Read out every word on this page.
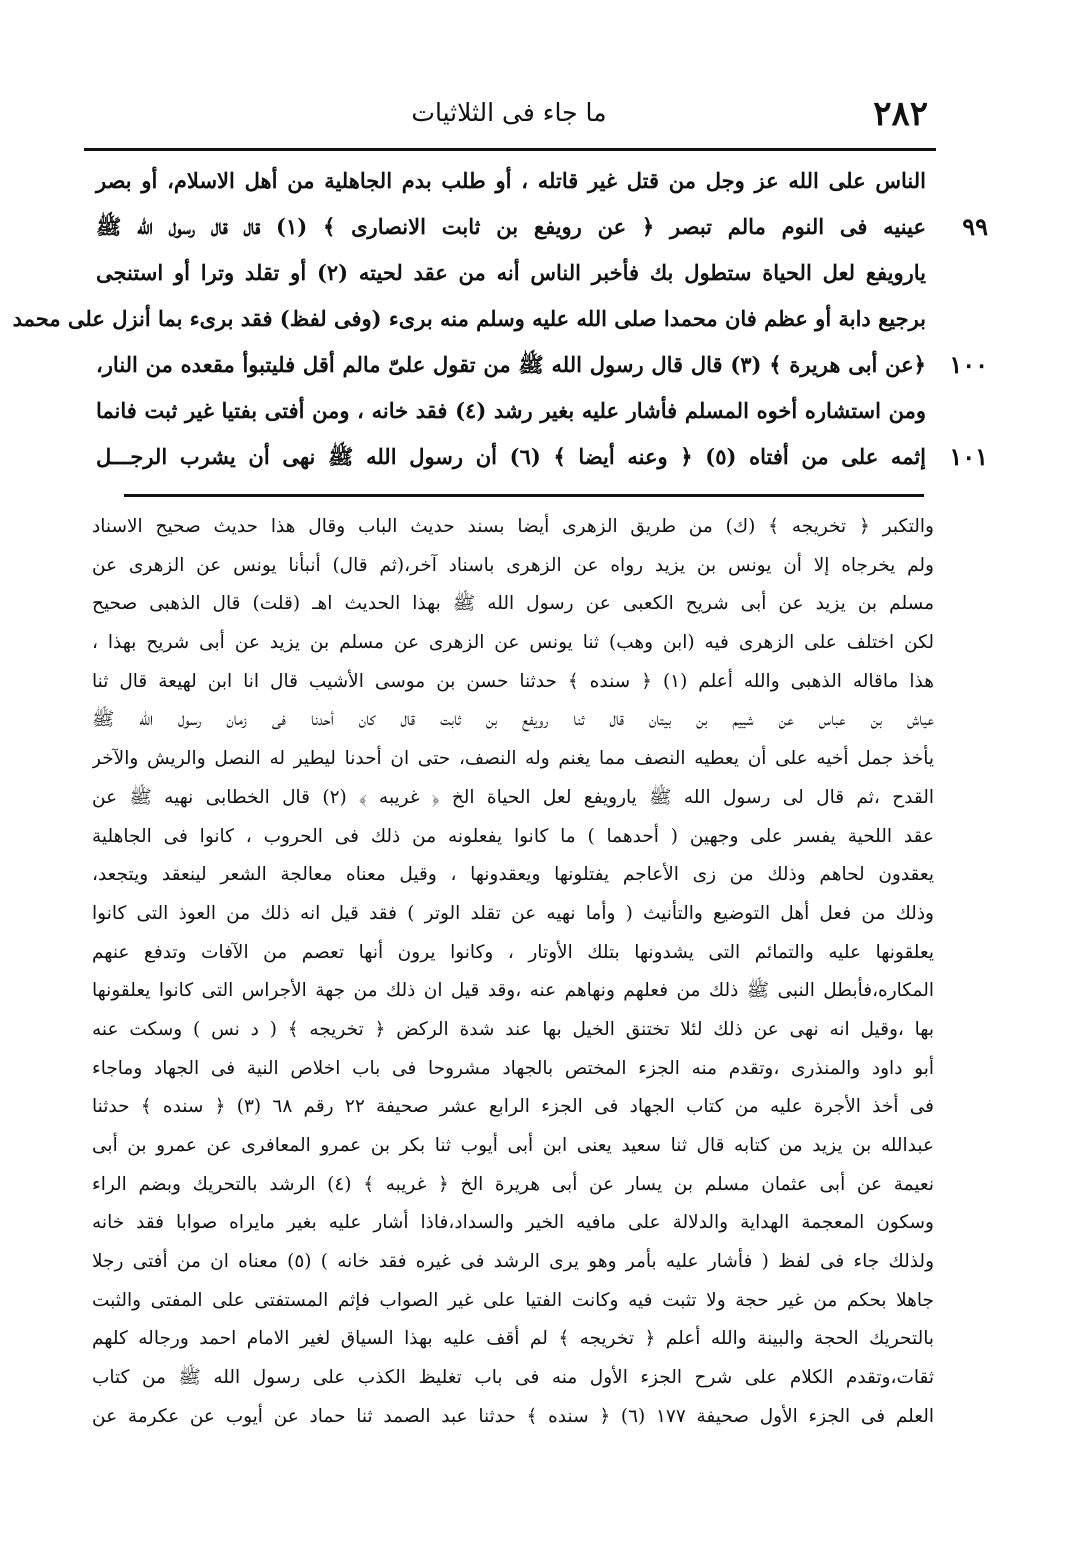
٢٨٢
ما جاء فى الثلاثيات
الناس على الله عز وجل من قتل غير قاتله ، أو طلب بدم الجاهلية من أهل الاسلام، أو بصر
٩٩
عينيه فى النوم مالم تبصر ﴿ عن رويفع بن ثابت الانصارى ﴾ (١) قال قال رسول الله ﷺ
يارويفع لعل الحياة ستطول بك فأخبر الناس أنه من عقد لحيته (٢) أو تقلد وترا أو استنجى
برجيع دابة أو عظم فان محمدا صلى الله عليه وسلم منه برىء (وفى لفظ) فقد برىء بما أنزل على محمد
١٠٠
﴿عن أبى هريرة ﴾ (٣) قال قال رسول الله ﷺ من تقول علىّ مالم أقل فليتبوأ مقعده من النار،
ومن استشاره أخوه المسلم فأشار عليه بغير رشد (٤) فقد خانه ، ومن أفتى بفتيا غير ثبت فانما
١٠١
إثمه على من أفتاه (٥) ﴿ وعنه أيضا ﴾ (٦) أن رسول الله ﷺ نهى أن يشرب الرجـــل
والتكبر ﴿ تخريجه ﴾ (ك) من طريق الزهرى أيضا بسند حديث الباب وقال هذا حديث صحيح الاسناد
ولم يخرجاه إلا أن يونس بن يزيد رواه عن الزهرى باسناد آخر،(ثم قال) أنبأنا يونس عن الزهرى عن
مسلم بن يزيد عن أبى شريح الكعبى عن رسول الله ﷺ بهذا الحديث اهـ (قلت) قال الذهبى صحيح
لكن اختلف على الزهرى فيه (ابن وهب) ثنا يونس عن الزهرى عن مسلم بن يزيد عن أبى شريح بهذا ،
هذا ماقاله الذهبى والله أعلم (١) ﴿ سنده ﴾ حدثنا حسن بن موسى الأشيب قال انا ابن لهيعة قال ثنا
عياش بن عباس عن شييم بن بيتان قال ثنا رويفع بن ثابت قال كان أحدنا فى زمان رسول الله ﷺ
يأخذ جمل أخيه على أن يعطيه النصف مما يغنم وله النصف، حتى ان أحدنا ليطير له النصل والريش والآخر
القدح ،ثم قال لى رسول الله ﷺ يارويفع لعل الحياة الخ ﴿ غريبه ﴾ (٢) قال الخطابى نهيه ﷺ عن
عقد اللحية يفسر على وجهين ( أحدهما ) ما كانوا يفعلونه من ذلك فى الحروب ، كانوا فى الجاهلية
يعقدون لحاهم وذلك من زى الأعاجم يفتلونها ويعقدونها ، وقيل معناه معالجة الشعر لينعقد ويتجعد،
وذلك من فعل أهل التوضيع والتأنيث ( وأما نهيه عن تقلد الوتر ) فقد قيل انه ذلك من العوذ التى كانوا
يعلقونها عليه والتمائم التى يشدونها بتلك الأوتار ، وكانوا يرون أنها تعصم من الآفات وتدفع عنهم
المكاره،فأبطل النبى ﷺ ذلك من فعلهم ونهاهم عنه ،وقد قيل ان ذلك من جهة الأجراس التى كانوا يعلقونها
بها ،وقيل انه نهى عن ذلك لئلا تختنق الخيل بها عند شدة الركض ﴿ تخريجه ﴾ ( د نس ) وسكت عنه
أبو داود والمنذرى ،وتقدم منه الجزء المختص بالجهاد مشروحا فى باب اخلاص النية فى الجهاد وماجاء
فى أخذ الأجرة عليه من كتاب الجهاد فى الجزء الرابع عشر صحيفة ٢٢ رقم ٦٨ (٣) ﴿ سنده ﴾ حدثنا
عبدالله بن يزيد من كتابه قال ثنا سعيد يعنى ابن أبى أيوب ثنا بكر بن عمرو المعافرى عن عمرو بن أبى
نعيمة عن أبى عثمان مسلم بن يسار عن أبى هريرة الخ ﴿ غريبه ﴾ (٤) الرشد بالتحريك وبضم الراء
وسكون المعجمة الهداية والدلالة على مافيه الخير والسداد،فاذا أشار عليه بغير مايراه صوابا فقد خانه
ولذلك جاء فى لفظ ( فأشار عليه بأمر وهو يرى الرشد فى غيره فقد خانه ) (٥) معناه ان من أفتى رجلا
جاهلا بحكم من غير حجة ولا تثبت فيه وكانت الفتيا على غير الصواب فإثم المستفتى على المفتى والثبت
بالتحريك الحجة والبينة والله أعلم ﴿ تخريجه ﴾ لم أقف عليه بهذا السياق لغير الامام احمد ورجاله كلهم
ثقات،وتقدم الكلام على شرح الجزء الأول منه فى باب تغليظ الكذب على رسول الله ﷺ من كتاب
العلم فى الجزء الأول صحيفة ١٧٧ (٦) ﴿ سنده ﴾ حدثنا عبد الصمد ثنا حماد عن أيوب عن عكرمة عن
